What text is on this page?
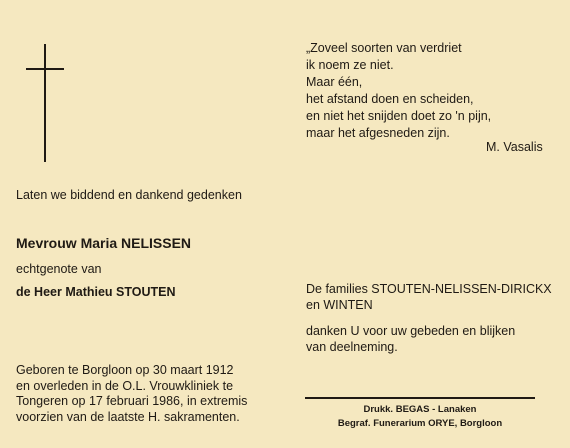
„Zoveel soorten van verdriet
ik noem ze niet.
Maar één,
het afstand doen en scheiden,
en niet het snijden doet zo 'n pijn,
maar het afgesneden zijn.
M. Vasalis
Laten we biddend en dankend gedenken
Mevrouw Maria NELISSEN
echtgenote van
de Heer Mathieu STOUTEN
Geboren te Borgloon op 30 maart 1912
en overleden in de O.L. Vrouwkliniek te
Tongeren op 17 februari 1986, in extremis
voorzien van de laatste H. sakramenten.
De families STOUTEN-NELISSEN-DIRICKX
en WINTEN
danken U voor uw gebeden en blijken
van deelneming.
Drukk. BEGAS - Lanaken
Begraf. Funerarium ORYE, Borgloon
